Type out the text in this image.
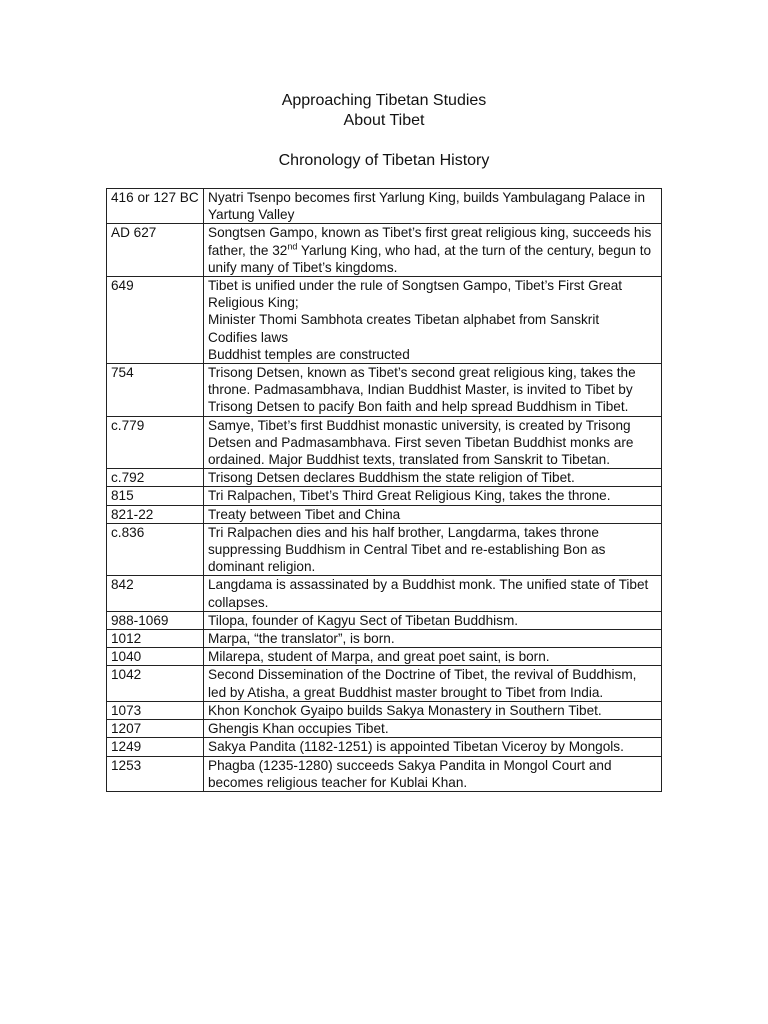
Approaching Tibetan Studies
About Tibet
Chronology of Tibetan History
416 or 127 BC	Nyatri Tsenpo becomes first Yarlung King, builds Yambulagang Palace in Yartung Valley

AD 627	Songtsen Gampo, known as Tibet’s first great religious king, succeeds his father, the 32nd Yarlung King, who had, at the turn of the century, begun to unify many of Tibet’s kingdoms.

649	Tibet is unified under the rule of Songtsen Gampo, Tibet’s First Great Religious King;
Minister Thomi Sambhota creates Tibetan alphabet from Sanskrit
Codifies laws
Buddhist temples are constructed

754	Trisong Detsen, known as Tibet’s second great religious king, takes the throne. Padmasambhava, Indian Buddhist Master, is invited to Tibet by Trisong Detsen to pacify Bon faith and help spread Buddhism in Tibet.

c.779	Samye, Tibet’s first Buddhist monastic university, is created by Trisong Detsen and Padmasambhava. First seven Tibetan Buddhist monks are ordained. Major Buddhist texts, translated from Sanskrit to Tibetan.

c.792	Trisong Detsen declares Buddhism the state religion of Tibet.

815	Tri Ralpachen, Tibet’s Third Great Religious King, takes the throne.

821-22	Treaty between Tibet and China

c.836	Tri Ralpachen dies and his half brother, Langdarma, takes throne suppressing Buddhism in Central Tibet and re-establishing Bon as dominant religion.

842	Langdama is assassinated by a Buddhist monk. The unified state of Tibet collapses.

988-1069	Tilopa, founder of Kagyu Sect of Tibetan Buddhism.

1012	Marpa, “the translator”, is born.

1040	Milarepa, student of Marpa, and great poet saint, is born.

1042	Second Dissemination of the Doctrine of Tibet, the revival of Buddhism, led by Atisha, a great Buddhist master brought to Tibet from India.

1073	Khon Konchok Gyaipo builds Sakya Monastery in Southern Tibet.

1207	Ghengis Khan occupies Tibet.

1249	Sakya Pandita (1182-1251) is appointed Tibetan Viceroy by Mongols.

1253	Phagba (1235-1280) succeeds Sakya Pandita in Mongol Court and becomes religious teacher for Kublai Khan.
